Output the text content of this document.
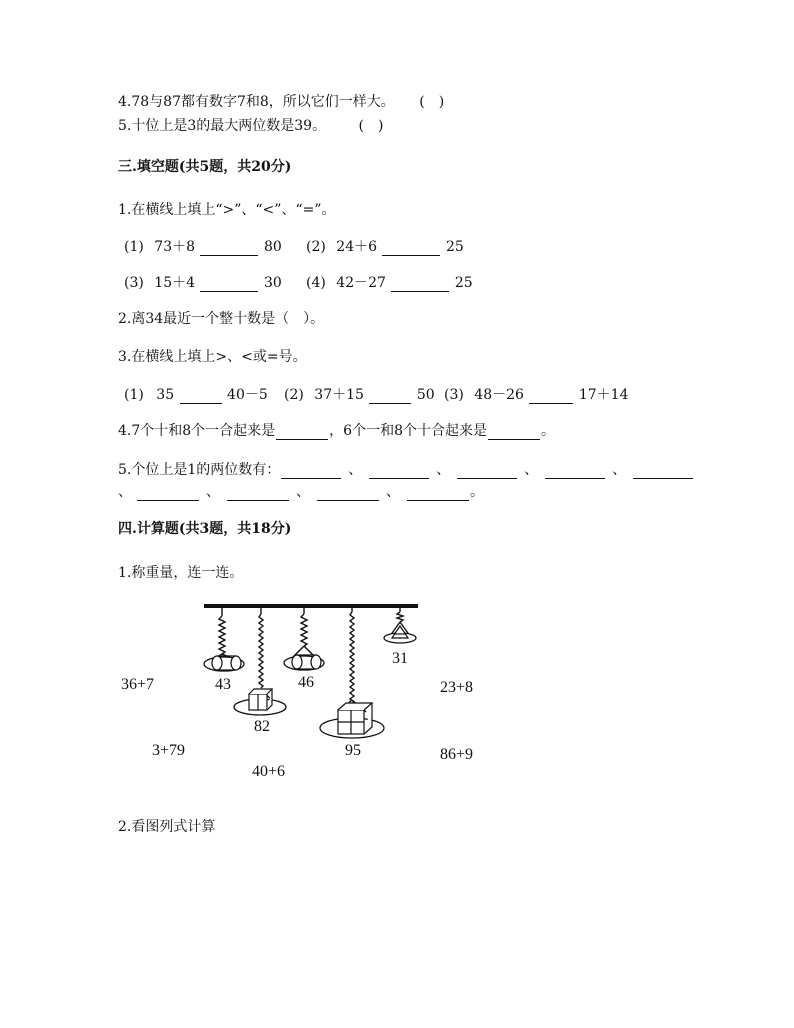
4.78与87都有数字7和8，所以它们一样大。 (　)
5.十位上是3的最大两位数是39。 (　)
三.填空题(共5题，共20分)
1.在横线上填上“>”、“<”、“=”。
(1) 73＋8	80 (2) 24＋6	25
(3) 15＋4	30 (4) 42－27	25
2.离34最近一个整十数是（　）。
3.在横线上填上>、<或=号。
(1) 35	40－5 (2) 37＋15	50 (3) 48－26	17＋14
4.7个十和8个一合起来是	，6个一和8个十合起来是	。
5.个位上是1的两位数有：	、	、	、	、
、	、	、	、	。
四.计算题(共3题，共18分)
1.称重量，连一连。
43	46
31
82
95
36+7	23+8
3+79	86+9
40+6
2.看图列式计算
